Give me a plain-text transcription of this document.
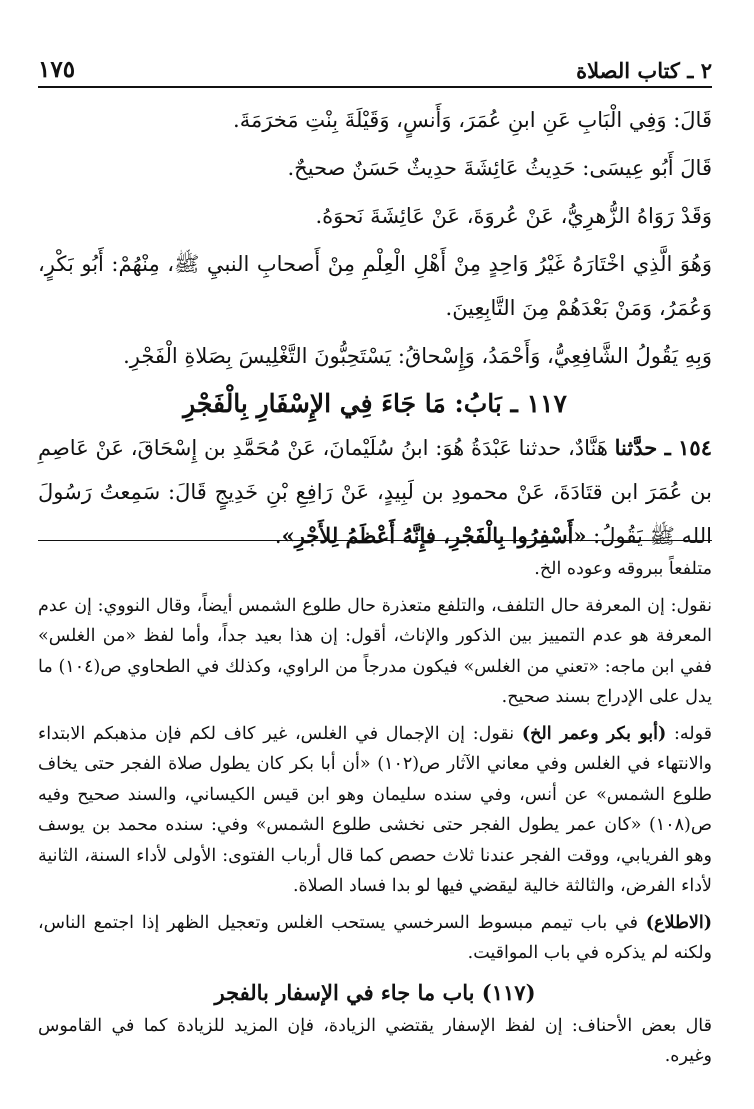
٢ ـ كتاب الصلاة
١٧٥

قَالَ: وَفِي الْبَابِ عَنِ ابنِ عُمَرَ، وَأَنسٍ، وَقَيْلَةَ بِنْتِ مَخرَمَةَ.

قَالَ أَبُو عِيسَى: حَدِيثُ عَائِشَةَ حدِيثٌ حَسَنٌ صحيحٌ.

وَقَدْ رَوَاهُ الزُّهرِيُّ، عَنْ عُروَةَ، عَنْ عَائِشَةَ نَحوَهُ.

وَهُوَ الَّذِي اخْتَارَهُ غَيْرُ وَاحِدٍ مِنْ أَهْلِ الْعِلْمِ مِنْ أَصحابِ النبيِ ﷺ، مِنْهُمْ: أَبُو بَكْرٍ، وَعُمَرُ، وَمَنْ بَعْدَهُمْ مِنَ التَّابِعِينَ.

وَبِهِ يَقُولُ الشَّافِعِيُّ، وَأَحْمَدُ، وَإِسْحاقُ: يَسْتَحِبُّونَ التَّغْلِيسَ بِصَلاةِ الْفَجْرِ.

١١٧ ـ بَابُ: مَا جَاءَ فِي الإِسْفَارِ بِالْفَجْرِ

١٥٤ ـ حدَّثنا هَنَّادٌ، حدثنا عَبْدَةُ هُوَ: ابنُ سُلَيْمانَ، عَنْ مُحَمَّدِ بن إِسْحَاقَ، عَنْ عَاصِمِ بن عُمَرَ ابن قتَادَةَ، عَنْ محمودِ بن لَبِيدٍ، عَنْ رَافِعِ بْنِ خَدِيجٍ قَالَ: سَمِعتُ رَسُولَ الله ﷺ يَقُولُ: «أَسْفِرُوا بِالْفَجْرِ، فإِنَّهُ أَعْظَمُ لِلأَجْرِ».

متلفعاً ببروقه وعوده الخ.

نقول: إن المعرفة حال التلفف، والتلفع متعذرة حال طلوع الشمس أيضاً، وقال النووي: إن عدم المعرفة هو عدم التمييز بين الذكور والإناث، أقول: إن هذا بعيد جداً، وأما لفظ «من الغلس» ففي ابن ماجه: «تعني من الغلس» فيكون مدرجاً من الراوي، وكذلك في الطحاوي ص(١٠٤) ما يدل على الإدراج بسند صحيح.

قوله: (أبو بكر وعمر الخ) نقول: إن الإجمال في الغلس، غير كاف لكم فإن مذهبكم الابتداء والانتهاء في الغلس وفي معاني الآثار ص(١٠٢) «أن أبا بكر كان يطول صلاة الفجر حتى يخاف طلوع الشمس» عن أنس، وفي سنده سليمان وهو ابن قيس الكيساني، والسند صحيح وفيه ص(١٠٨) «كان عمر يطول الفجر حتى نخشى طلوع الشمس» وفي: سنده محمد بن يوسف وهو الفريابي، ووقت الفجر عندنا ثلاث حصص كما قال أرباب الفتوى: الأولى لأداء السنة، الثانية لأداء الفرض، والثالثة خالية ليقضي فيها لو بدا فساد الصلاة.

(الاطلاع) في باب تيمم مبسوط السرخسي يستحب الغلس وتعجيل الظهر إذا اجتمع الناس، ولكنه لم يذكره في باب المواقيت.

(١١٧) باب ما جاء في الإسفار بالفجر

قال بعض الأحناف: إن لفظ الإسفار يقتضي الزيادة، فإن المزيد للزيادة كما في القاموس وغيره.
